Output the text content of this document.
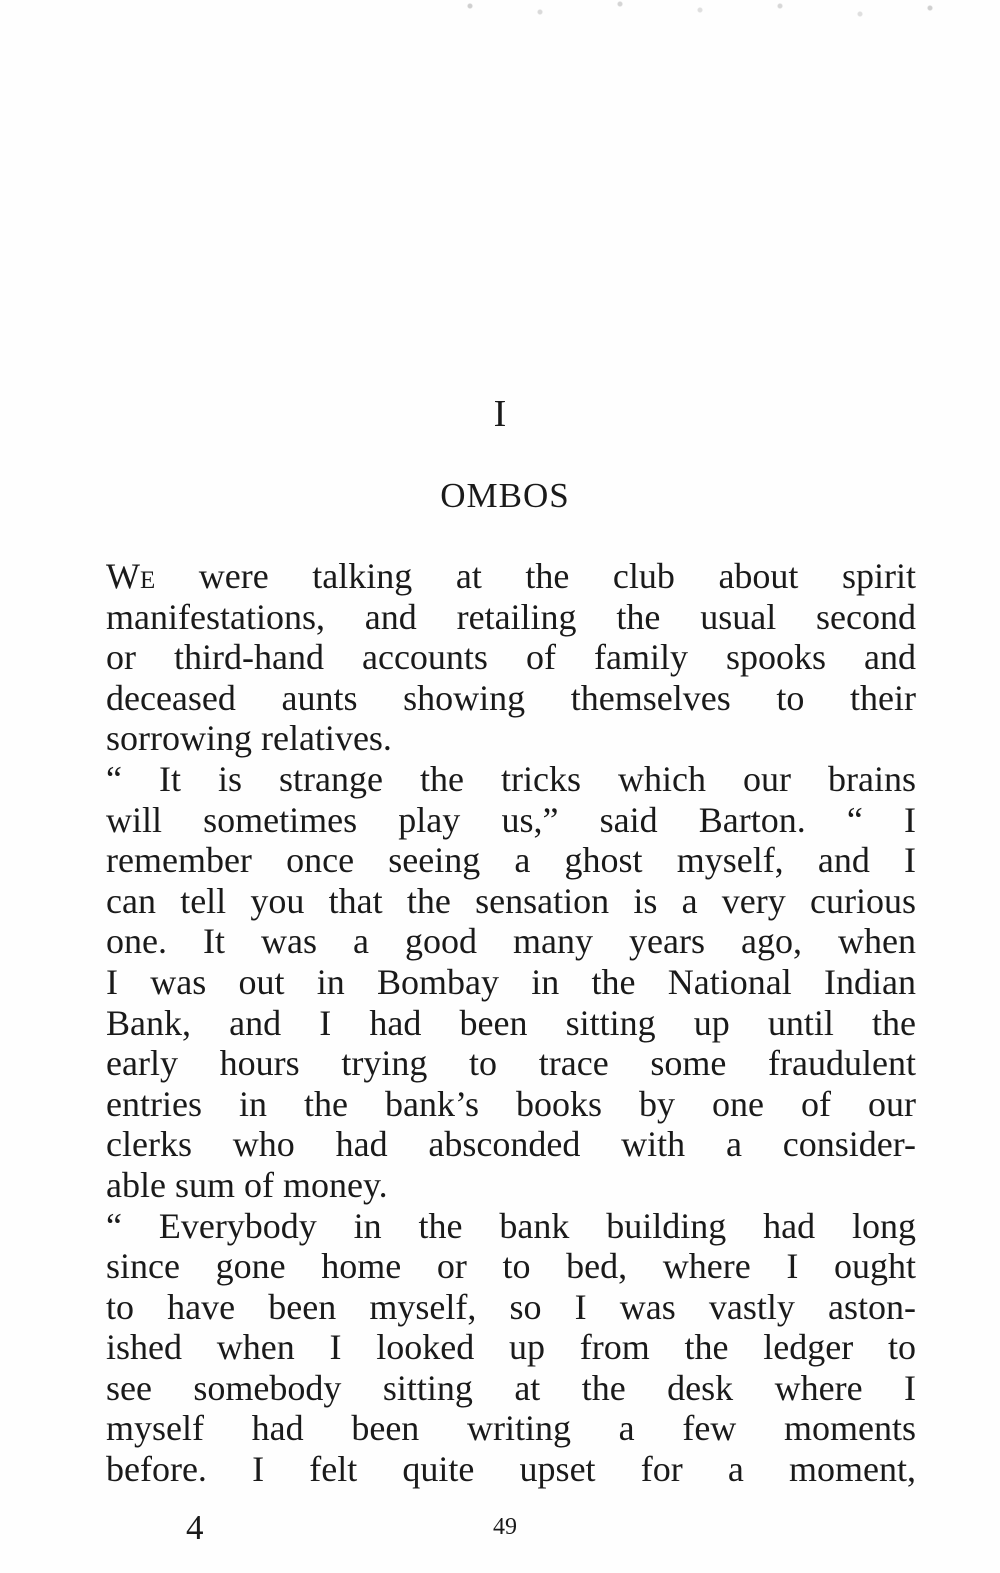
I
OMBOS
We were talking at the club about spirit
manifestations, and retailing the usual second
or third-hand accounts of family spooks and
deceased aunts showing themselves to their
sorrowing relatives.
“ It is strange the tricks which our brains
will sometimes play us,” said Barton. “ I
remember once seeing a ghost myself, and I
can tell you that the sensation is a very curious
one. It was a good many years ago, when
I was out in Bombay in the National Indian
Bank, and I had been sitting up until the
early hours trying to trace some fraudulent
entries in the bank’s books by one of our
clerks who had absconded with a consider-
able sum of money.
“ Everybody in the bank building had long
since gone home or to bed, where I ought
to have been myself, so I was vastly aston-
ished when I looked up from the ledger to
see somebody sitting at the desk where I
myself had been writing a few moments
before. I felt quite upset for a moment,
4	49
